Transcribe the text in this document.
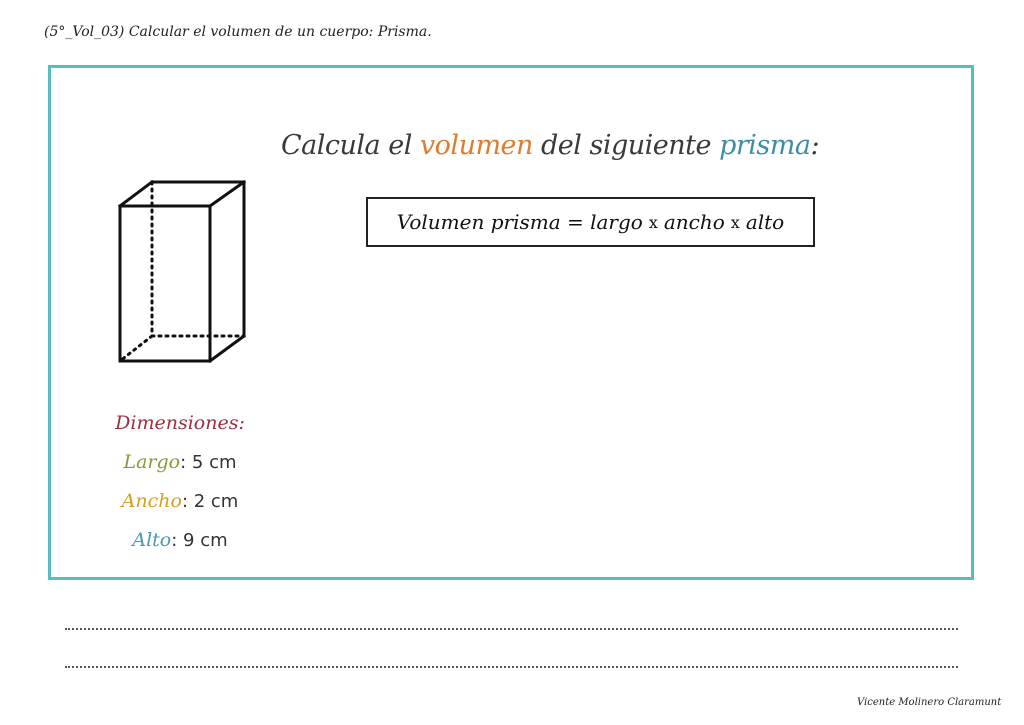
(5°_Vol_03) Calcular el volumen de un cuerpo: Prisma.
Calcula el volumen del siguiente prisma:
Volumen prisma = largo x ancho x alto
Dimensiones:
Largo: 5 cm
Ancho: 2 cm
Alto: 9 cm
Vicente Molinero Claramunt
